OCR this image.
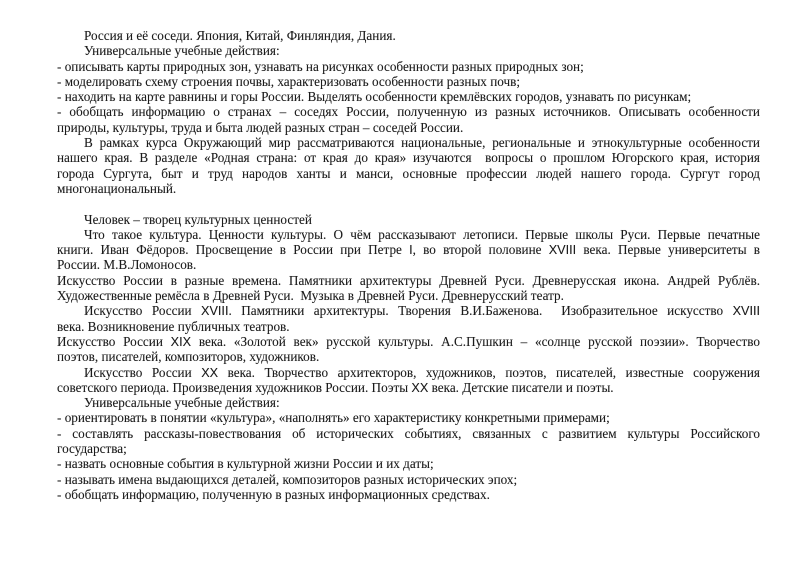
Россия и её соседи. Япония, Китай, Финляндия, Дания.
Универсальные учебные действия:
- описывать карты природных зон, узнавать на рисунках особенности разных природных зон;
- моделировать схему строения почвы, характеризовать особенности разных почв;
- находить на карте равнины и горы России. Выделять особенности кремлёвских городов, узнавать по рисункам;
- обобщать информацию о странах – соседях России, полученную из разных источников. Описывать особенности
природы, культуры, труда и быта людей разных стран – соседей России.
В рамках курса Окружающий мир рассматриваются национальные, региональные и этнокультурные особенности
нашего края. В разделе «Родная страна: от края до края» изучаются  вопросы о прошлом Югорского края, история
города Сургута, быт и труд народов ханты и манси, основные профессии людей нашего города. Сургут город
многонациональный.
Человек – творец культурных ценностей
Что такое культура. Ценности культуры. О чём рассказывают летописи. Первые школы Руси. Первые печатные
книги. Иван Фёдоров. Просвещение в России при Петре I, во второй половине XVIII века. Первые университеты в
России. М.В.Ломоносов.
Искусство России в разные времена. Памятники архитектуры Древней Руси. Древнерусская икона. Андрей Рублёв.
Художественные ремёсла в Древней Руси.  Музыка в Древней Руси. Древнерусский театр.
Искусство России XVIII. Памятники архитектуры. Творения В.И.Баженова.  Изобразительное искусство XVIII
века. Возникновение публичных театров.
Искусство России XIX века. «Золотой век» русской культуры. А.С.Пушкин – «солнце русской поэзии». Творчество
поэтов, писателей, композиторов, художников.
Искусство России XX века. Творчество архитекторов, художников, поэтов, писателей, известные сооружения
советского периода. Произведения художников России. Поэты XX века. Детские писатели и поэты.
Универсальные учебные действия:
- ориентировать в понятии «культура», «наполнять» его характеристику конкретными примерами;
- составлять рассказы-повествования об исторических событиях, связанных с развитием культуры Российского
государства;
- назвать основные события в культурной жизни России и их даты;
- называть имена выдающихся деталей, композиторов разных исторических эпох;
- обобщать информацию, полученную в разных информационных средствах.
